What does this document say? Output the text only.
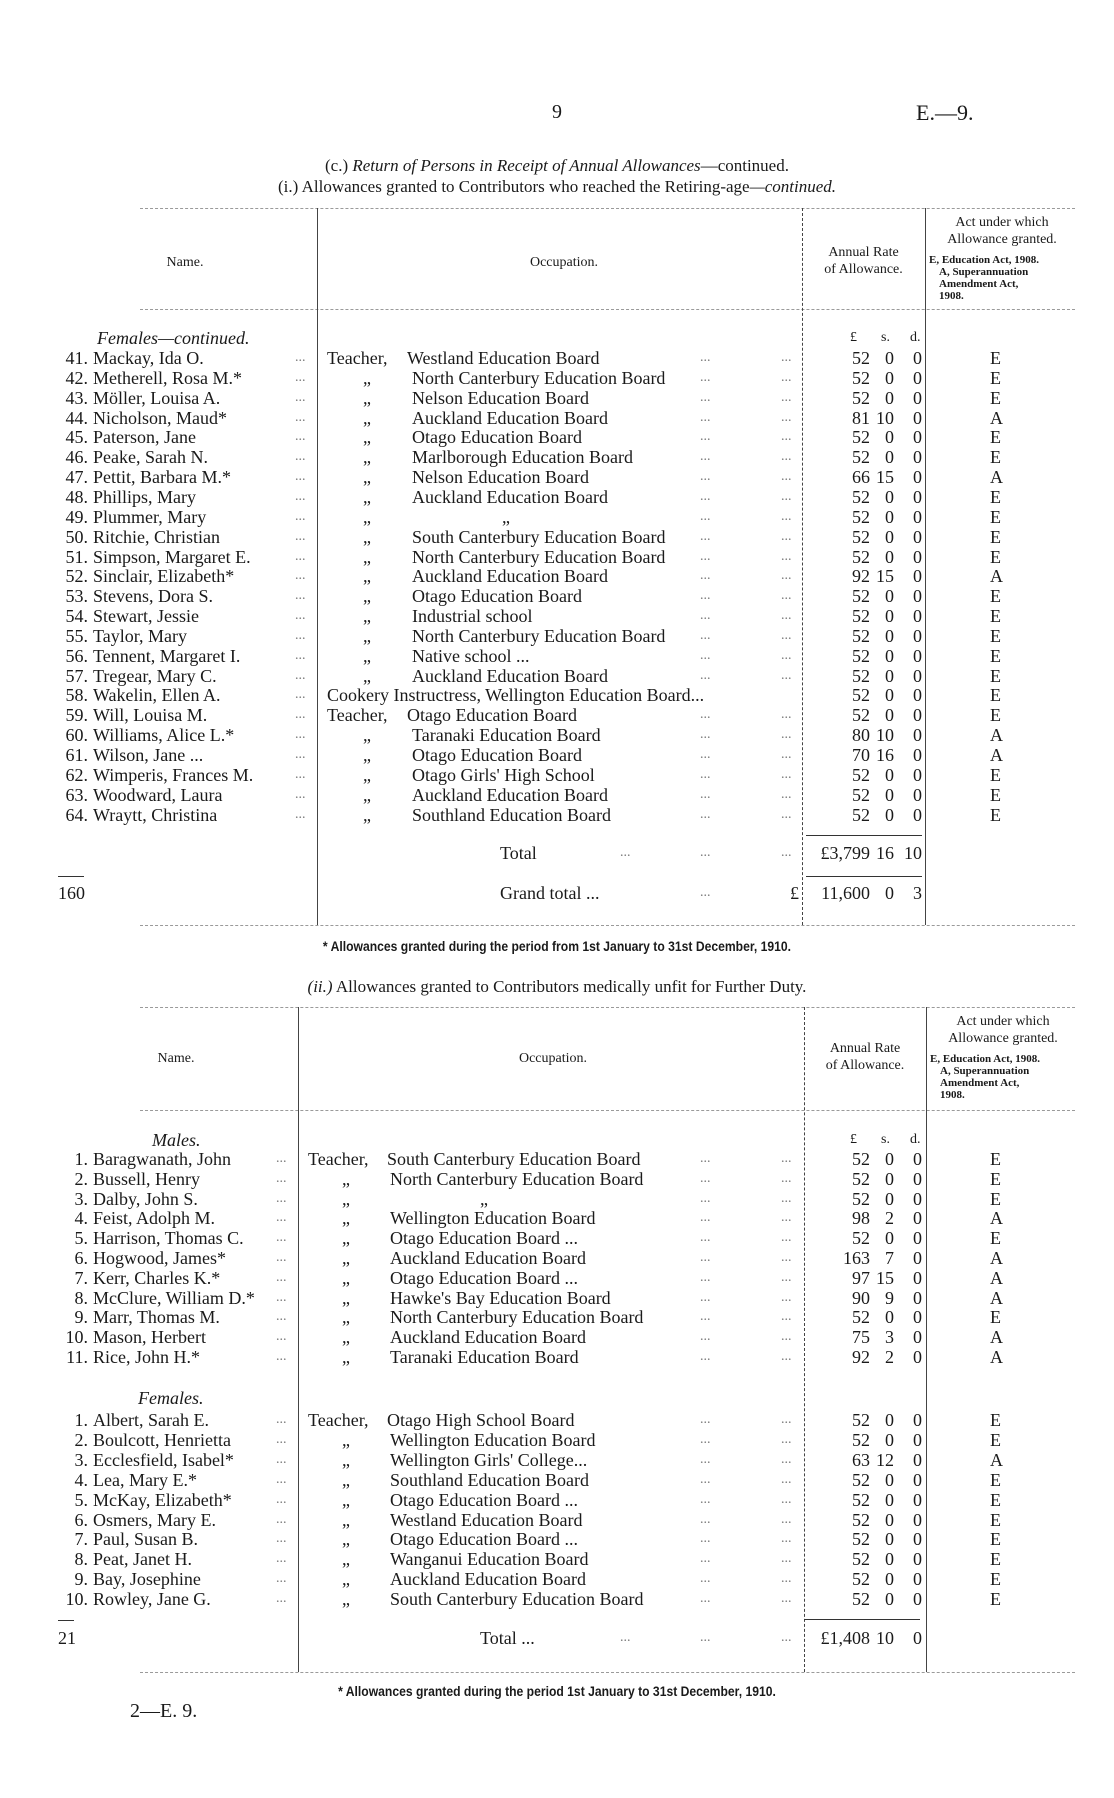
9	E.—9.
(c.) Return of Persons in Receipt of Annual Allowances—continued.
(i.) Allowances granted to Contributors who reached the Retiring-age—continued.
Name.	Occupation.
Annual Rate
of Allowance.
Act under which
Allowance granted.
E, Education Act, 1908.
A, Superannuation
Amendment Act,
1908.
Females—continued.	£ s. d.
41. Mackay, Ida O.	... Teacher, Westland Education Board	...	...	52 0	0	E
42. Metherell, Rosa M.*	...	„ North Canterbury Education Board ...	...	52 0	0	E
43. Möller, Louisa A.	...	„ Nelson Education Board	...	...	52 0	0	E
44. Nicholson, Maud*	...	„ Auckland Education Board	...	...	81 10	0	A
45. Paterson, Jane	...	„ Otago Education Board	...	...	52 0	0	E
46. Peake, Sarah N.	...	„ Marlborough Education Board	...	...	52 0	0	E
47. Pettit, Barbara M.*	...	„ Nelson Education Board	...	...	66 15	0	A
48. Phillips, Mary	...	„ Auckland Education Board	...	...	52 0	0	E
49. Plummer, Mary	...	„	„	...	...	52 0	0	E
50. Ritchie, Christian	...	„ South Canterbury Education Board ...	...	52 0	0	E
51. Simpson, Margaret E.	...	„ North Canterbury Education Board ...	...	52 0	0	E
52. Sinclair, Elizabeth*	...	„ Auckland Education Board	...	...	92 15	0	A
53. Stevens, Dora S.	...	„ Otago Education Board	...	...	52 0	0	E
54. Stewart, Jessie	...	„ Industrial school	...	...	52 0	0	E
55. Taylor, Mary	...	„ North Canterbury Education Board ...	...	52 0	0	E
56. Tennent, Margaret I.	...	„ Native school ...	...	...	52 0	0	E
57. Tregear, Mary C.	...	„ Auckland Education Board	...	...	52 0	0	E
58. Wakelin, Ellen A.	... Cookery Instructress, Wellington Education Board...	52 0	0	E
59. Will, Louisa M.	... Teacher, Otago Education Board	...	...	52 0	0	E
60. Williams, Alice L.*	...	„ Taranaki Education Board	...	...	80 10	0	A
61. Wilson, Jane ...	...	„ Otago Education Board	...	...	70 16	0	A
62. Wimperis, Frances M.	...	„ Otago Girls' High School	...	...	52 0	0	E
63. Woodward, Laura	...	„ Auckland Education Board	...	...	52 0	0	E
64. Wraytt, Christina	...	„ Southland Education Board	...	...	52 0	0	E
Total	...	...	...	£3,799 16 10
160	Grand total ...	...	£	11,600 0	3
Name.	Occupation.
Annual Rate
of Allowance.
Act under which
Allowance granted.
E, Education Act, 1908.
A, Superannuation
Amendment Act,
1908.
Males.	£ s. d.
1. Baragwanath, John	... Teacher, South Canterbury Education Board	...	...	52 0	0	E
2. Bussell, Henry	...	„ North Canterbury Education Board	...	...	52 0	0	E
3. Dalby, John S.	...	„	„	...	...	52 0	0	E
4. Feist, Adolph M.	...	„ Wellington Education Board	...	...	98 2	0	A
5. Harrison, Thomas C. ...	„ Otago Education Board ...	...	...	52 0	0	E
6. Hogwood, James*	...	„ Auckland Education Board	...	...	163 7	0	A
7. Kerr, Charles K.*	...	„ Otago Education Board ...	...	...	97 15	0	A
8. McClure, William D.* ...	„ Hawke's Bay Education Board	...	...	90 9	0	A
9. Marr, Thomas M.	...	„ North Canterbury Education Board	...	...	52 0	0	E
10. Mason, Herbert	...	„ Auckland Education Board	...	...	75 3	0	A
11. Rice, John H.*	...	„ Taranaki Education Board	...	...	92 2	0	A
Females.
1. Albert, Sarah E.	... Teacher, Otago High School Board	...	...	52 0	0	E
2. Boulcott, Henrietta	...	„ Wellington Education Board	...	...	52 0	0	E
3. Ecclesfield, Isabel*	...	„ Wellington Girls' College...	...	...	63 12	0	A
4. Lea, Mary E.*	...	„ Southland Education Board	...	...	52 0	0	E
5. McKay, Elizabeth*	...	„ Otago Education Board ...	...	...	52 0	0	E
6. Osmers, Mary E.	...	„ Westland Education Board	...	...	52 0	0	E
7. Paul, Susan B.	...	„ Otago Education Board ...	...	...	52 0	0	E
8. Peat, Janet H.	...	„ Wanganui Education Board	...	...	52 0	0	E
9. Bay, Josephine	...	„ Auckland Education Board	...	...	52 0	0	E
10. Rowley, Jane G.	...	„ South Canterbury Education Board	...	...	52 0	0	E
21	Total ...	...	...	...	£1,408 10	0
* Allowances granted during the period from 1st January to 31st December, 1910.
(ii.) Allowances granted to Contributors medically unfit for Further Duty.
* Allowances granted during the period 1st January to 31st December, 1910.
2—E. 9.
